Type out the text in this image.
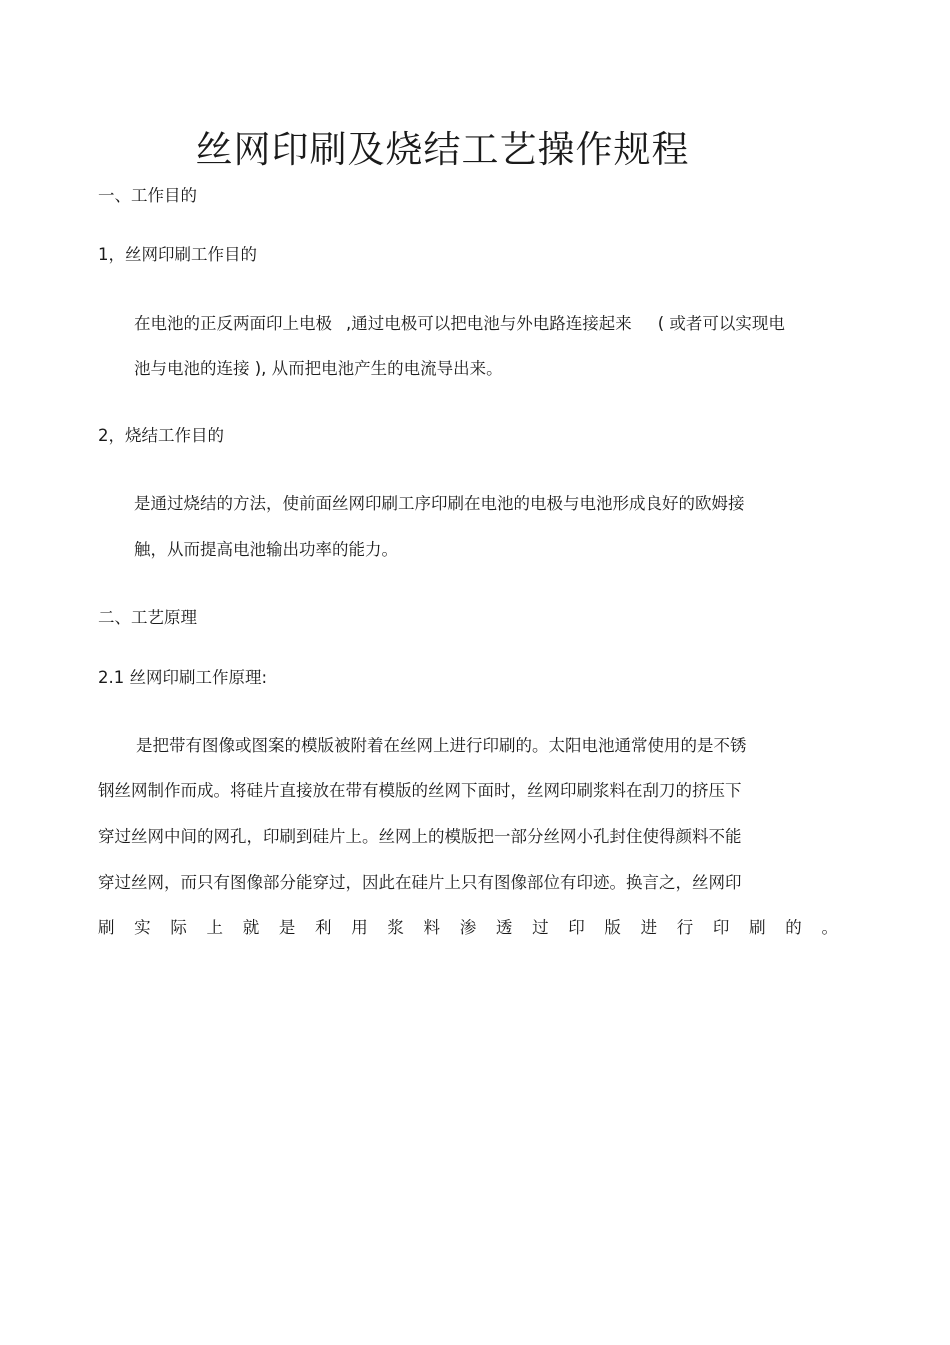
丝网印刷及烧结工艺操作规程
一、工作目的
1，丝网印刷工作目的
在电池的正反两面印上电极 ,通过电极可以把电池与外电路连接起来 ( 或者可以实现电
池与电池的连接 ), 从而把电池产生的电流导出来。
2，烧结工作目的
是通过烧结的方法，使前面丝网印刷工序印刷在电池的电极与电池形成良好的欧姆接
触，从而提高电池输出功率的能力。
二、工艺原理
2.1 丝网印刷工作原理:
是把带有图像或图案的模版被附着在丝网上进行印刷的。太阳电池通常使用的是不锈
钢丝网制作而成。将硅片直接放在带有模版的丝网下面时，丝网印刷浆料在刮刀的挤压下
穿过丝网中间的网孔，印刷到硅片上。丝网上的模版把一部分丝网小孔封住使得颜料不能
穿过丝网，而只有图像部分能穿过，因此在硅片上只有图像部位有印迹。换言之，丝网印
刷 实 际 上 就 是 利 用 浆 料 渗 透 过 印 版 进 行 印 刷 的 。
